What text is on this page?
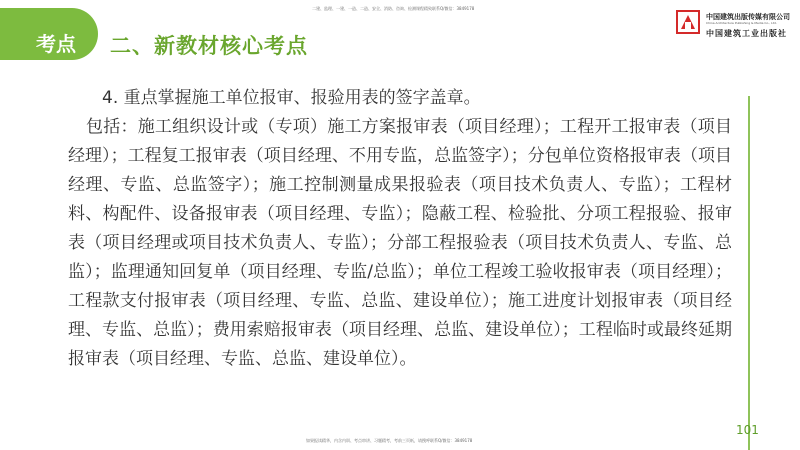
考点 二、新教材核心考点
二建、监理、一建、一造、二造、安全、消防、咨询、检测课程精致联系Q/微信：3849178
中国建筑出版传媒有限公司
China Architecture Publishing & Media Co., Ltd.
中国建筑工业出版社
4. 重点掌握施工单位报审、报验用表的签字盖章。

包括：施工组织设计或（专项）施工方案报审表（项目经理）；工程开工报审表（项目经理）；工程复工报审表（项目经理、不用专监，总监签字）；分包单位资格报审表（项目经理、专监、总监签字）；施工控制测量成果报验表（项目技术负责人、专监）；工程材料、构配件、设备报审表（项目经理、专监）；隐蔽工程、检验批、分项工程报验、报审表（项目经理或项目技术负责人、专监）；分部工程报验表（项目技术负责人、专监、总监）；监理通知回复单（项目经理、专监/总监）；单位工程竣工验收报审表（项目经理）；工程款支付报审表（项目经理、专监、总监、建设单位）；施工进度计划报审表（项目经理、专监、总监）；费用索赔报审表（项目经理、总监、建设单位）；工程临时或最终延期报审表（项目经理、专监、总监、建设单位）。

101
如果报读精华，内含内训、考点串讲、习题精考，考前三页纸，请搜呼联系Q/微信：3849178
